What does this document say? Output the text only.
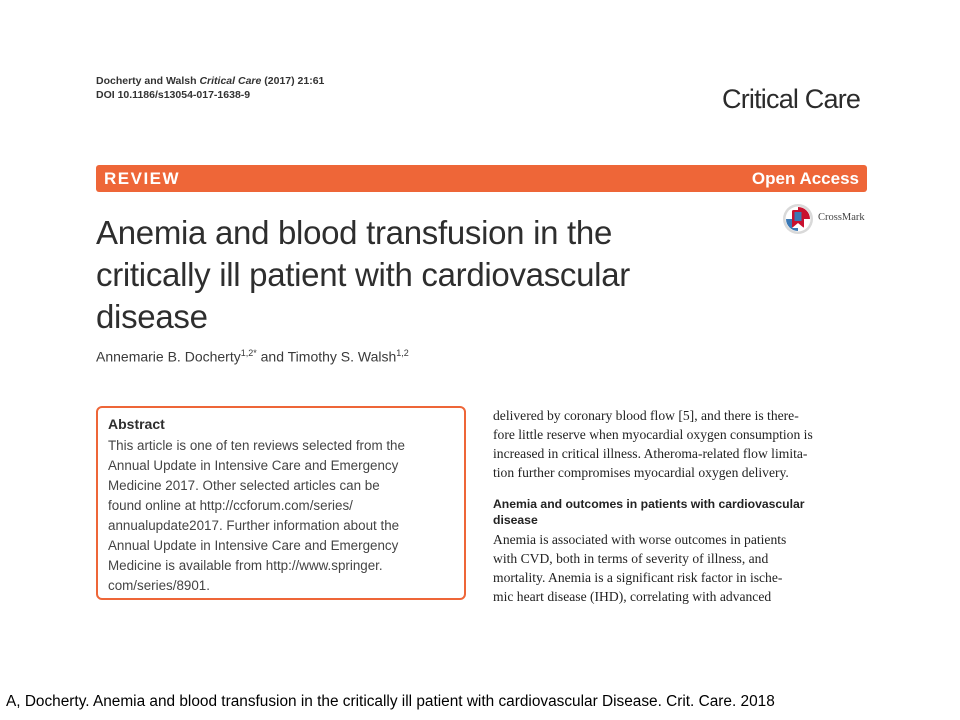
Docherty and Walsh Critical Care (2017) 21:61
DOI 10.1186/s13054-017-1638-9	Critical Care
REVIEW	Open Access
CrossMark
Anemia and blood transfusion in the
critically ill patient with cardiovascular
disease
Annemarie B. Docherty$^{1,2*}$ and Timothy S. Walsh$^{1,2}$
Abstract
This article is one of ten reviews selected from the
Annual Update in Intensive Care and Emergency
Medicine 2017. Other selected articles can be
found online at http://ccforum.com/series/
annualupdate2017. Further information about the
Annual Update in Intensive Care and Emergency
Medicine is available from http://www.springer.
com/series/8901.
delivered by coronary blood flow [5], and there is there-
fore little reserve when myocardial oxygen consumption is
increased in critical illness. Atheroma-related flow limita-
tion further compromises myocardial oxygen delivery.
Anemia and outcomes in patients with cardiovascular
disease
Anemia is associated with worse outcomes in patients
with CVD, both in terms of severity of illness, and
mortality. Anemia is a significant risk factor in ische-
mic heart disease (IHD), correlating with advanced
A, Docherty. Anemia and blood transfusion in the critically ill patient with cardiovascular Disease. Crit. Care. 2018
